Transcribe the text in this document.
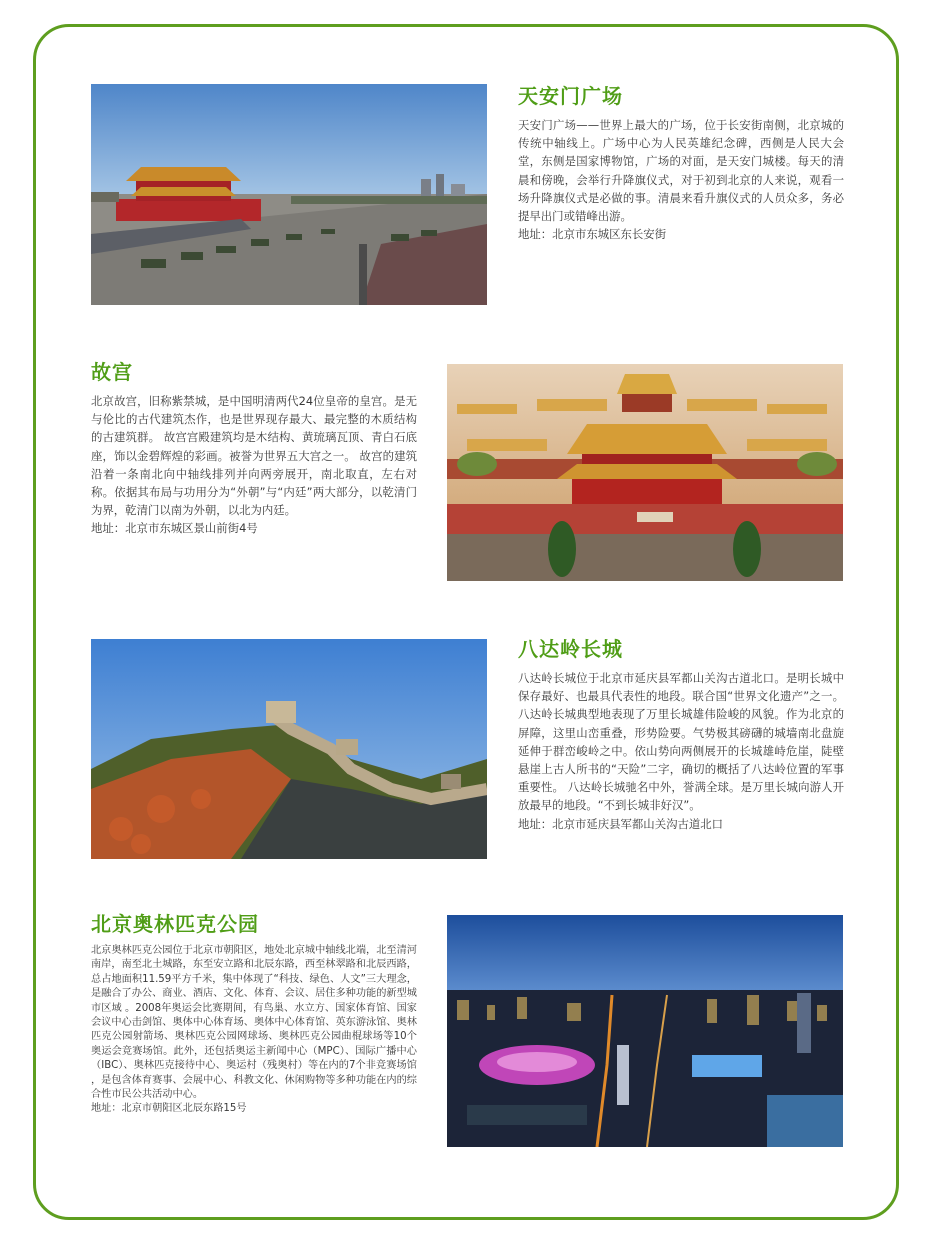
天安门广场

天安门广场——世界上最大的广场，位于长安街南侧，北京城的传统中轴线上。广场中心为人民英雄纪念碑，西侧是人民大会堂，东侧是国家博物馆，广场的对面，是天安门城楼。每天的清晨和傍晚，会举行升降旗仪式，对于初到北京的人来说，观看一场升降旗仪式是必做的事。清晨来看升旗仪式的人员众多，务必提早出门或错峰出游。

地址：北京市东城区东长安街

故宫

北京故宫，旧称紫禁城，是中国明清两代24位皇帝的皇宫。是无与伦比的古代建筑杰作，也是世界现存最大、最完整的木质结构的古建筑群。 故宫宫殿建筑均是木结构、黄琉璃瓦顶、青白石底座，饰以金碧辉煌的彩画。被誉为世界五大宫之一。 故宫的建筑沿着一条南北向中轴线排列并向两旁展开，南北取直，左右对称。依据其布局与功用分为“外朝”与“内廷”两大部分，以乾清门为界，乾清门以南为外朝，以北为内廷。

地址：北京市东城区景山前街4号

八达岭长城

八达岭长城位于北京市延庆县军都山关沟古道北口。是明长城中保存最好、也最具代表性的地段。联合国“世界文化遗产”之一。 八达岭长城典型地表现了万里长城雄伟险峻的风貌。作为北京的屏障，这里山峦重叠，形势险要。气势极其磅礴的城墙南北盘旋延伸于群峦峻岭之中。依山势向两侧展开的长城雄峙危崖，陡壁悬崖上古人所书的“天险”二字，确切的概括了八达岭位置的军事重要性。 八达岭长城驰名中外，誉满全球。是万里长城向游人开放最早的地段。“不到长城非好汉”。

地址：北京市延庆县军都山关沟古道北口

北京奥林匹克公园

北京奥林匹克公园位于北京市朝阳区，地处北京城中轴线北端，北至清河南岸，南至北土城路，东至安立路和北辰东路，西至林翠路和北辰西路，总占地面积11.59平方千米，集中体现了“科技、绿色、人文”三大理念，是融合了办公、商业、酒店、文化、体育、会议、居住多种功能的新型城市区域 。2008年奥运会比赛期间，有鸟巢、水立方、国家体育馆、国家会议中心击剑馆、奥体中心体育场、奥体中心体育馆、英东游泳馆、奥林匹克公园射箭场、奥林匹克公园网球场、奥林匹克公园曲棍球场等10个奥运会竞赛场馆。此外，还包括奥运主新闻中心（MPC）、国际广播中心（IBC）、奥林匹克接待中心、奥运村（残奥村）等在内的7个非竞赛场馆 ，是包含体育赛事、会展中心、科教文化、休闲购物等多种功能在内的综合性市民公共活动中心。

地址：北京市朝阳区北辰东路15号
